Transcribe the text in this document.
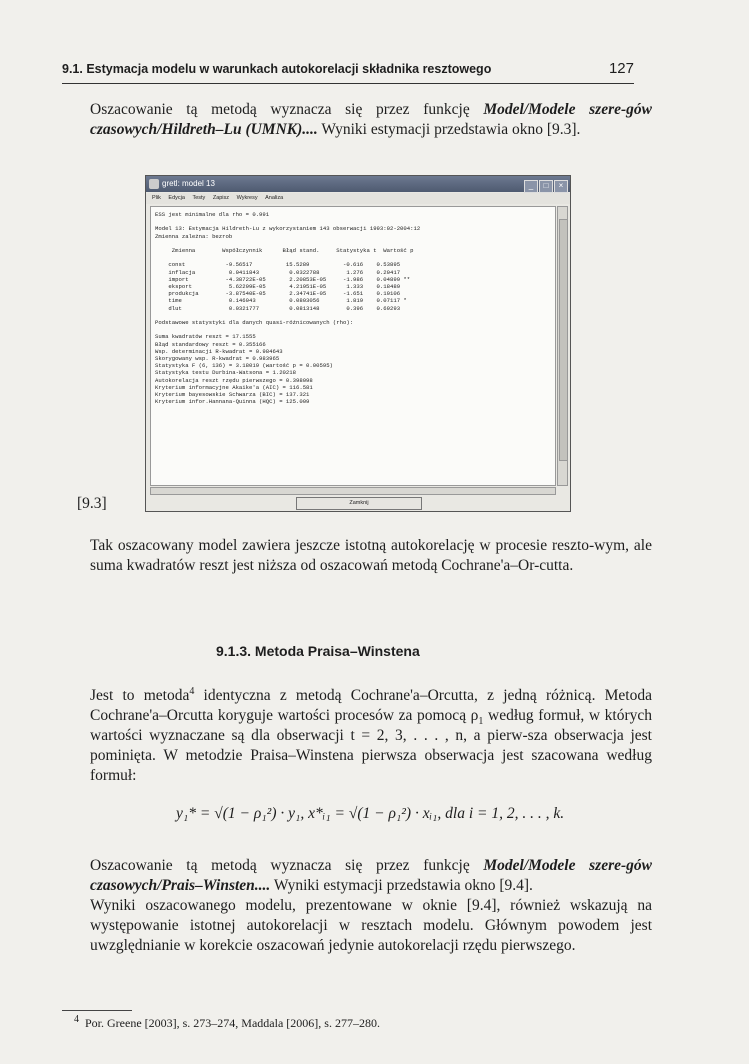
9.1. Estymacja modelu w warunkach autokorelacji składnika resztowego	127
Oszacowanie tą metodą wyznacza się przez funkcję Model/Modele szere-gów czasowych/Hildreth–Lu (UMNK).... Wyniki estymacji przedstawia okno [9.3].
gretl: model 13	_ □ ×
Plik Edycja Testy Zapisz Wykresy Analiza
ESS jest minimalne dla rho = 0.991

Model 13: Estymacja Hildreth-Lu z wykorzystaniem 143 obserwacji 1993:02-2004:12
Zmienna zależna: bezrob

Zmienna        Współczynnik      Błąd stand.     Statystyka t  Wartość p

const            -9.56517          15.5289          -0.616    0.53895
inflacja          0.0411843         0.0322788        1.276    0.20417
import           -4.38722E-05       2.20853E-05     -1.986    0.04899 **
eksport           5.62299E-05       4.21951E-05      1.333    0.18489
produkcja        -3.87540E-05       2.34741E-05     -1.651    0.10106
time              0.146043          0.0803056        1.819    0.07117 *
dlut              0.0321777         0.0813148        0.396    0.69293

Podstawowe statystyki dla danych quasi-różnicowanych (rho):

Suma kwadratów reszt = 17.1555
Błąd standardowy reszt = 0.355166
Wsp. determinacji R-kwadrat = 0.984643
Skorygowany wsp. R-kwadrat = 0.983965
Statystyka F (6, 136) = 3.18019 (wartość p = 0.00595)
Statystyka testu Durbina-Watsona = 1.20218
Autokorelacja reszt rzędu pierwszego = 0.398098
Kryterium informacyjne Akaike'a (AIC) = 116.581
Kryterium bayesowskie Schwarza (BIC) = 137.321
Kryterium infor.Hannana-Quinna (HQC) = 125.009
Zamknij
[9.3]
Tak oszacowany model zawiera jeszcze istotną autokorelację w procesie reszto-wym, ale suma kwadratów reszt jest niższa od oszacowań metodą Cochrane'a–Or-cutta.
9.1.3. Metoda Praisa–Winstena
Jest to metoda$^4$ identyczna z metodą Cochrane'a–Orcutta, z jedną różnicą. Metoda Cochrane'a–Orcutta koryguje wartości procesów za pomocą $\rho_1$ według formuł, w których wartości wyznaczane są dla obserwacji t = 2, 3, . . . , n, a pierw-sza obserwacja jest pominięta. W metodzie Praisa–Winstena pierwsza obserwacja jest szacowana według formuł:
y₁* = √(1 − ρ₁²) · y₁, x*ᵢ₁ = √(1 − ρ₁²) · xᵢ₁, dla i = 1, 2, . . . , k.
Oszacowanie tą metodą wyznacza się przez funkcję Model/Modele szere-gów czasowych/Prais–Winsten.... Wyniki estymacji przedstawia okno [9.4].
Wyniki oszacowanego modelu, prezentowane w oknie [9.4], również wskazują na występowanie istotnej autokorelacji w resztach modelu. Głównym powodem jest uwzględnianie w korekcie oszacowań jedynie autokorelacji rzędu pierwszego.
$^4$ Por. Greene [2003], s. 273–274, Maddala [2006], s. 277–280.
